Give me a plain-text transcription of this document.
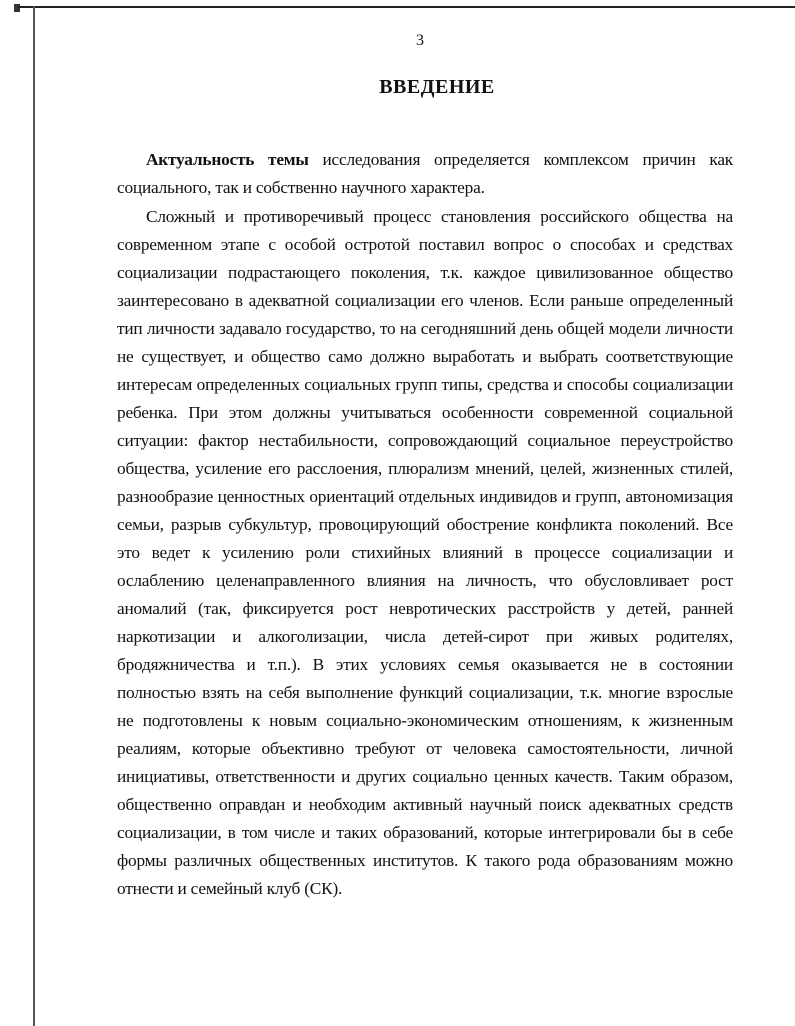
3
ВВЕДЕНИЕ

Актуальность темы исследования определяется комплексом причин как социального, так и собственно научного характера.

Сложный и противоречивый процесс становления российского общества на современном этапе с особой остротой поставил вопрос о способах и средствах социализации подрастающего поколения, т.к. каждое цивилизованное общество заинтересовано в адекватной социализации его членов. Если раньше определенный тип личности задавало государство, то на сегодняшний день общей модели личности не существует, и общество само должно выработать и выбрать соответствующие интересам определенных социальных групп типы, средства и способы социализации ребенка. При этом должны учитываться особенности современной социальной ситуации: фактор нестабильности, сопровождающий социальное переустройство общества, усиление его расслоения, плюрализм мнений, целей, жизненных стилей, разнообразие ценностных ориентаций отдельных индивидов и групп, автономизация семьи, разрыв субкультур, провоцирующий обострение конфликта поколений. Все это ведет к усилению роли стихийных влияний в процессе социализации и ослаблению целенаправленного влияния на личность, что обусловливает рост аномалий (так, фиксируется рост невротических расстройств у детей, ранней наркотизации и алкоголизации, числа детей-сирот при живых родителях, бродяжничества и т.п.). В этих условиях семья оказывается не в состоянии полностью взять на себя выполнение функций социализации, т.к. многие взрослые не подготовлены к новым социально-экономическим отношениям, к жизненным реалиям, которые объективно требуют от человека самостоятельности, личной инициативы, ответственности и других социально ценных качеств. Таким образом, общественно оправдан и необходим активный научный поиск адекватных средств социализации, в том числе и таких образований, которые интегрировали бы в себе формы различных общественных институтов. К такого рода образованиям можно отнести и семейный клуб (СК).
